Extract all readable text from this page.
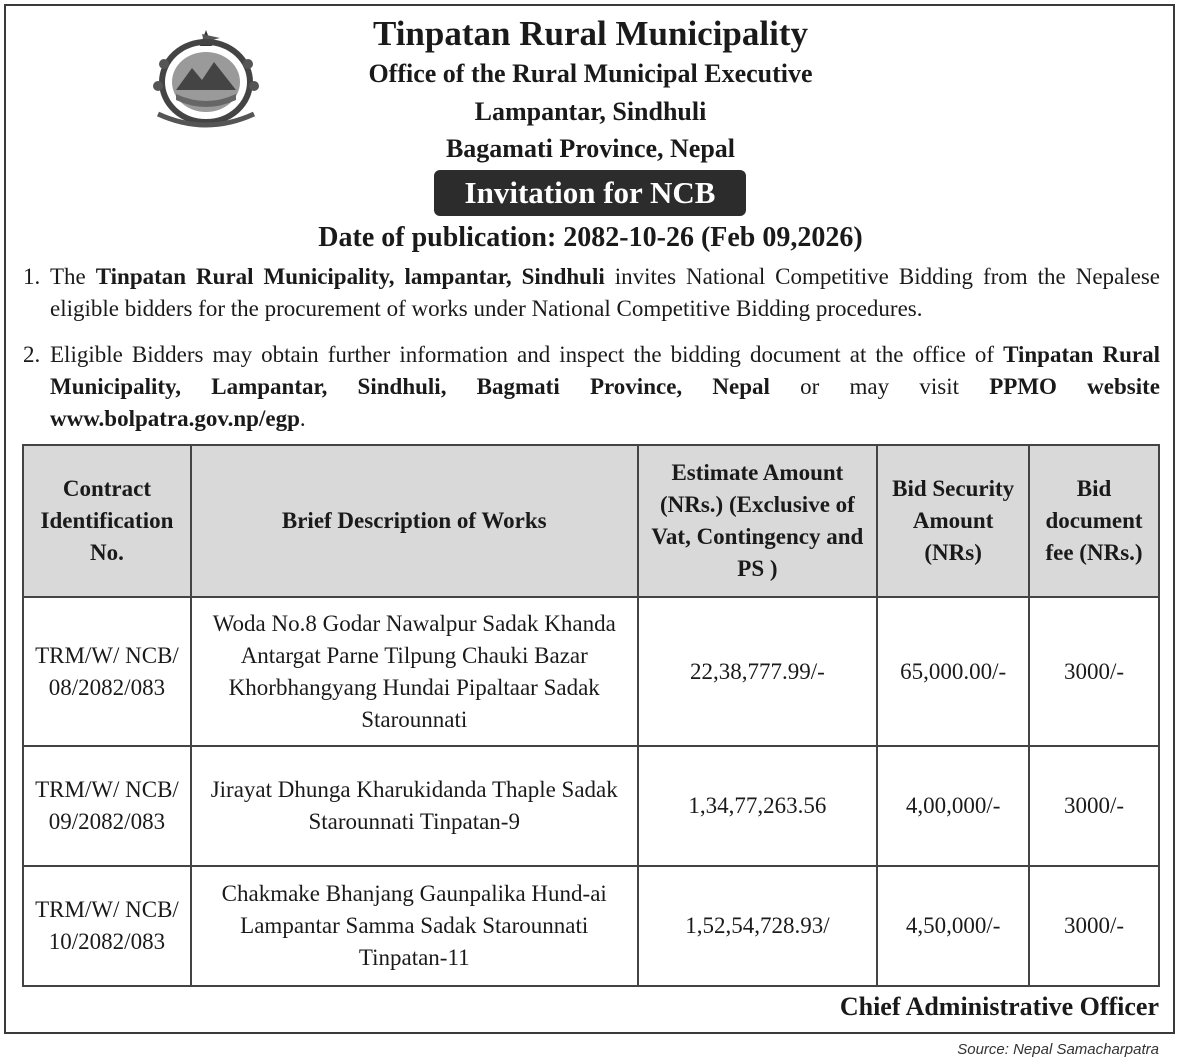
Tinpatan Rural Municipality
Office of the Rural Municipal Executive
Lampantar, Sindhuli
Bagamati Province, Nepal
Invitation for NCB
Date of publication: 2082-10-26 (Feb 09,2026)
1. The Tinpatan Rural Municipality, lampantar, Sindhuli invites National Competitive Bidding from the Nepalese eligible bidders for the procurement of works under National Competitive Bidding procedures.
2. Eligible Bidders may obtain further information and inspect the bidding document at the office of Tinpatan Rural Municipality, Lampantar, Sindhuli, Bagmati Province, Nepal or may visit PPMO website www.bolpatra.gov.np/egp.
Contract Identification No.	Brief Description of Works	Estimate Amount (NRs.) (Exclusive of Vat, Contingency and PS )	Bid Security Amount (NRs)	Bid document fee (NRs.)
TRM/W/ NCB/ 08/2082/083	Woda No.8 Godar Nawalpur Sadak Khanda Antargat Parne Tilpung Chauki Bazar Khorbhangyang Hundai Pipaltaar Sadak Starounnati	22,38,777.99/-	65,000.00/-	3000/-
TRM/W/ NCB/ 09/2082/083	Jirayat Dhunga Kharukidanda Thaple Sadak Starounnati Tinpatan-9	1,34,77,263.56	4,00,000/-	3000/-
TRM/W/ NCB/ 10/2082/083	Chakmake Bhanjang Gaunpalika Hund-ai Lampantar Samma Sadak Starounnati Tinpatan-11	1,52,54,728.93/	4,50,000/-	3000/-
Chief Administrative Officer
Source: Nepal Samacharpatra
